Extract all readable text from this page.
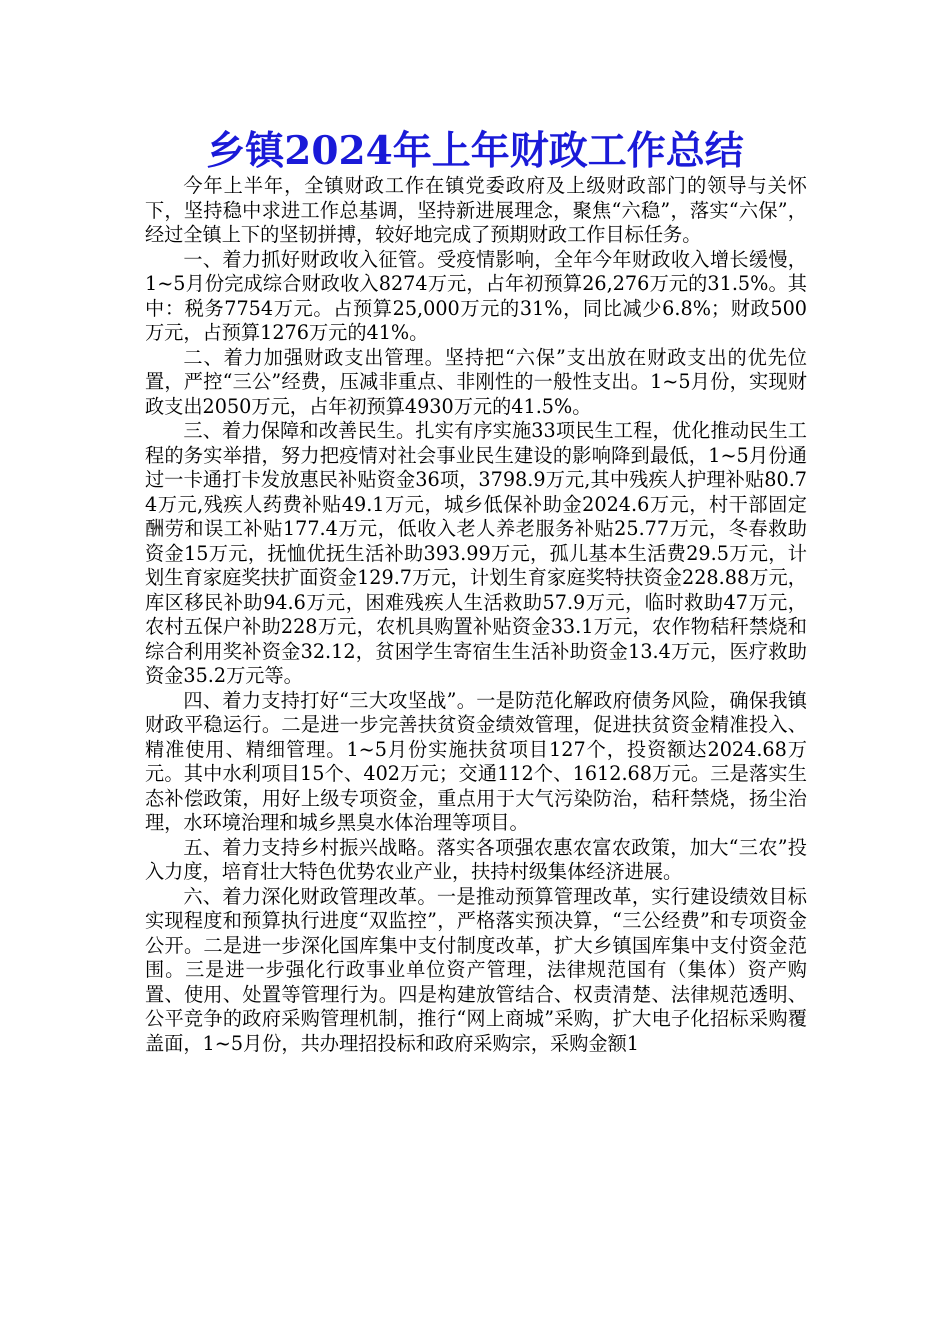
乡镇2024年上年财政工作总结

今年上半年，全镇财政工作在镇党委政府及上级财政部门的领导与关怀下，坚持稳中求进工作总基调，坚持新进展理念，聚焦“六稳”，落实“六保”，经过全镇上下的坚韧拼搏，较好地完成了预期财政工作目标任务。

一、着力抓好财政收入征管。受疫情影响，全年今年财政收入增长缓慢，1~5月份完成综合财政收入8274万元，占年初预算26,276万元的31.5%。其中：税务7754万元。占预算25,000万元的31%，同比减少6.8%；财政500万元，占预算1276万元的41%。

二、着力加强财政支出管理。坚持把“六保”支出放在财政支出的优先位置，严控“三公”经费，压减非重点、非刚性的一般性支出。1~5月份，实现财政支出2050万元，占年初预算4930万元的41.5%。

三、着力保障和改善民生。扎实有序实施33项民生工程，优化推动民生工程的务实举措，努力把疫情对社会事业民生建设的影响降到最低，1~5月份通过一卡通打卡发放惠民补贴资金36项，3798.9万元,其中残疾人护理补贴80.74万元,残疾人药费补贴49.1万元，城乡低保补助金2024.6万元，村干部固定酬劳和误工补贴177.4万元，低收入老人养老服务补贴25.77万元，冬春救助资金15万元，抚恤优抚生活补助393.99万元，孤儿基本生活费29.5万元，计划生育家庭奖扶扩面资金129.7万元，计划生育家庭奖特扶资金228.88万元，库区移民补助94.6万元，困难残疾人生活救助57.9万元，临时救助47万元，农村五保户补助228万元，农机具购置补贴资金33.1万元，农作物秸秆禁烧和综合利用奖补资金32.12，贫困学生寄宿生生活补助资金13.4万元，医疗救助资金35.2万元等。

四、着力支持打好“三大攻坚战”。一是防范化解政府债务风险，确保我镇财政平稳运行。二是进一步完善扶贫资金绩效管理，促进扶贫资金精准投入、精准使用、精细管理。1~5月份实施扶贫项目127个，投资额达2024.68万元。其中水利项目15个、402万元；交通112个、1612.68万元。三是落实生态补偿政策，用好上级专项资金，重点用于大气污染防治，秸秆禁烧，扬尘治理，水环境治理和城乡黑臭水体治理等项目。

五、着力支持乡村振兴战略。落实各项强农惠农富农政策，加大“三农”投入力度，培育壮大特色优势农业产业，扶持村级集体经济进展。

六、着力深化财政管理改革。一是推动预算管理改革，实行建设绩效目标实现程度和预算执行进度“双监控”，严格落实预决算，“三公经费”和专项资金公开。二是进一步深化国库集中支付制度改革，扩大乡镇国库集中支付资金范围。三是进一步强化行政事业单位资产管理，法律规范国有（集体）资产购置、使用、处置等管理行为。四是构建放管结合、权责清楚、法律规范透明、公平竞争的政府采购管理机制，推行“网上商城”采购，扩大电子化招标采购覆盖面，1~5月份，共办理招投标和政府采购宗，采购金额1
